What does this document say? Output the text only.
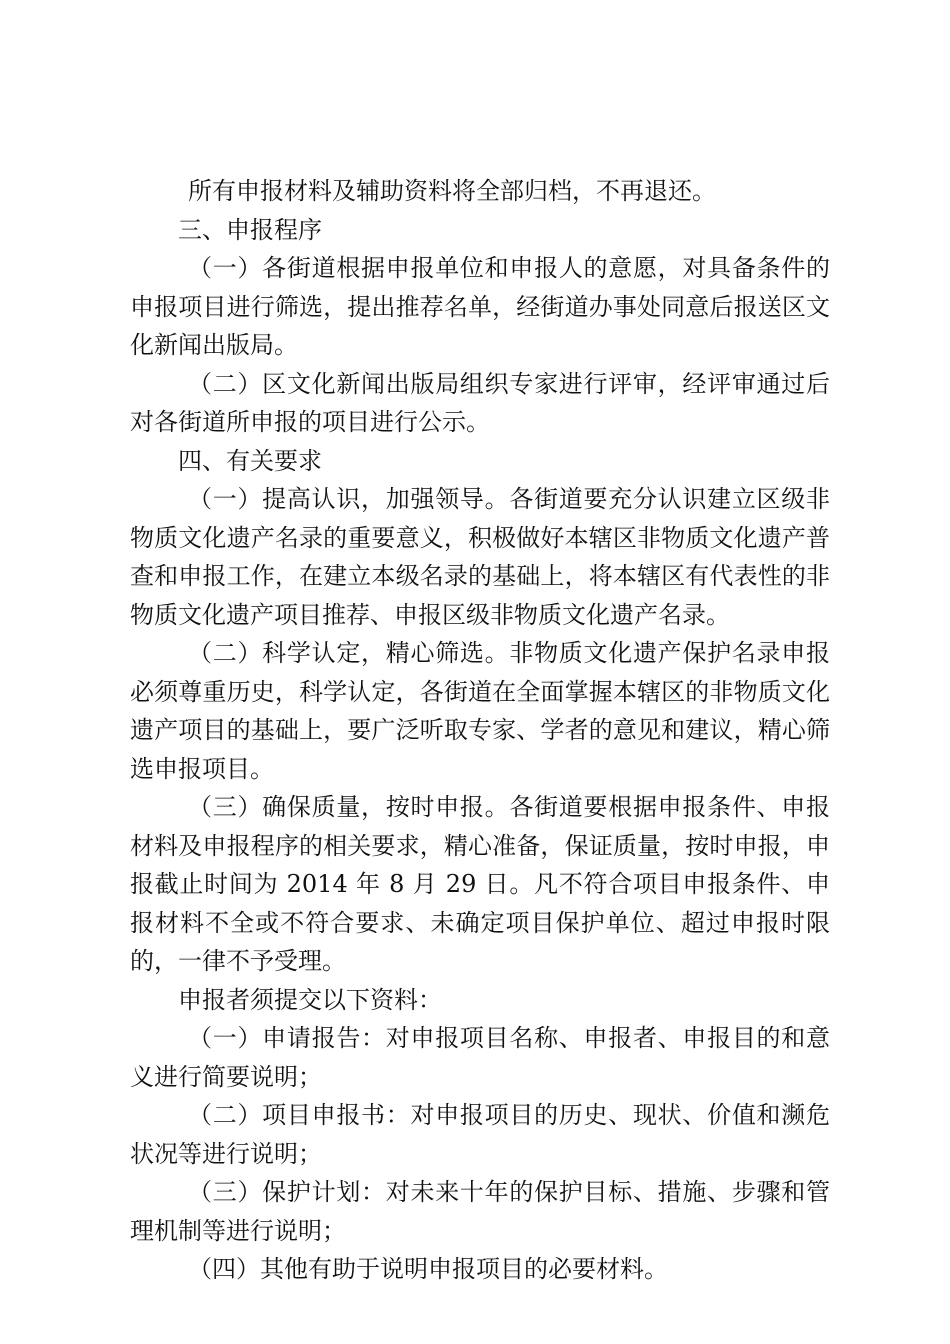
所有申报材料及辅助资料将全部归档，不再退还。

三、申报程序

（一）各街道根据申报单位和申报人的意愿，对具备条件的申报项目进行筛选，提出推荐名单，经街道办事处同意后报送区文化新闻出版局。

（二）区文化新闻出版局组织专家进行评审，经评审通过后对各街道所申报的项目进行公示。

四、有关要求

（一）提高认识，加强领导。各街道要充分认识建立区级非物质文化遗产名录的重要意义，积极做好本辖区非物质文化遗产普查和申报工作，在建立本级名录的基础上，将本辖区有代表性的非物质文化遗产项目推荐、申报区级非物质文化遗产名录。

（二）科学认定，精心筛选。非物质文化遗产保护名录申报必须尊重历史，科学认定，各街道在全面掌握本辖区的非物质文化遗产项目的基础上，要广泛听取专家、学者的意见和建议，精心筛选申报项目。

（三）确保质量，按时申报。各街道要根据申报条件、申报材料及申报程序的相关要求，精心准备，保证质量，按时申报，申报截止时间为 2014 年 8 月 29 日。凡不符合项目申报条件、申报材料不全或不符合要求、未确定项目保护单位、超过申报时限的，一律不予受理。

申报者须提交以下资料：

（一）申请报告：对申报项目名称、申报者、申报目的和意义进行简要说明；

（二）项目申报书：对申报项目的历史、现状、价值和濒危状况等进行说明；

（三）保护计划：对未来十年的保护目标、措施、步骤和管理机制等进行说明；

（四）其他有助于说明申报项目的必要材料。
